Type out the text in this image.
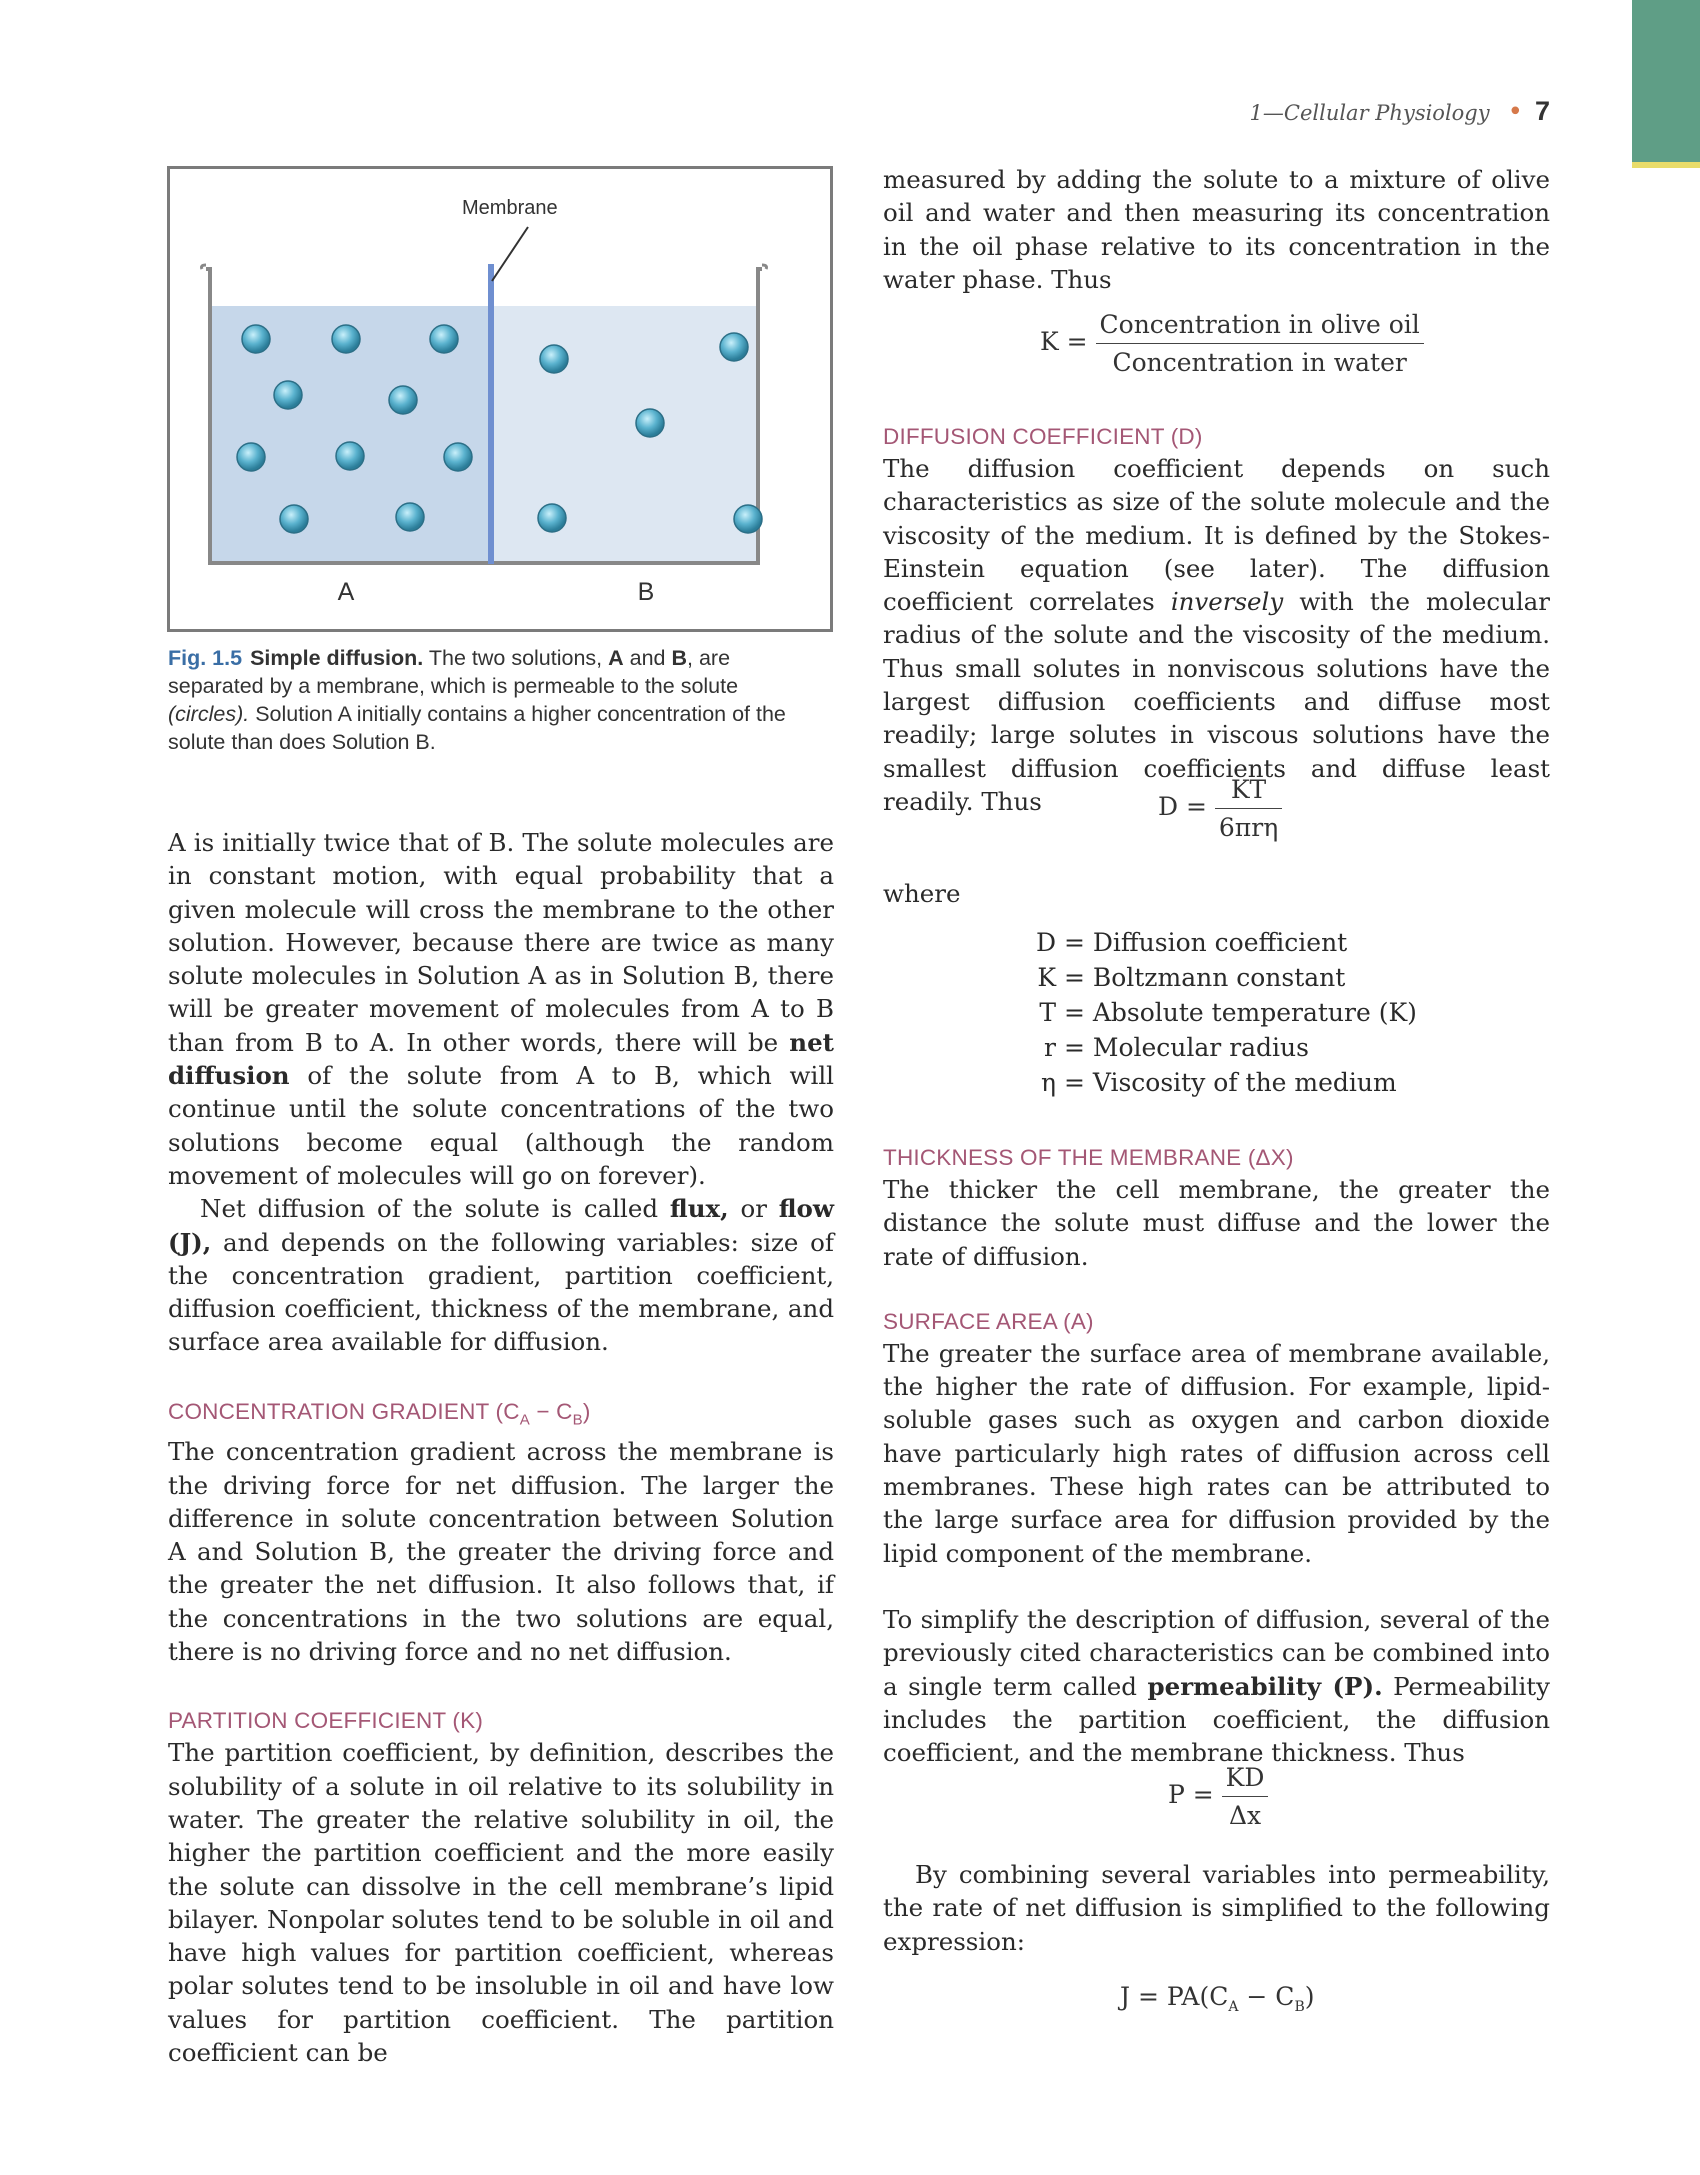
1—Cellular Physiology • 7
Membrane
A	B
Fig. 1.5 Simple diffusion. The two solutions, A and B, are separated by a membrane, which is permeable to the solute (circles). Solution A initially contains a higher concentration of the solute than does Solution B.

A is initially twice that of B. The solute molecules are in constant motion, with equal probability that a given molecule will cross the membrane to the other solution. However, because there are twice as many solute molecules in Solution A as in Solution B, there will be greater movement of molecules from A to B than from B to A. In other words, there will be net diffusion of the solute from A to B, which will continue until the solute concentrations of the two solutions become equal (although the random movement of molecules will go on forever).

Net diffusion of the solute is called flux, or flow (J), and depends on the following variables: size of the concentration gradient, partition coefficient, diffusion coefficient, thickness of the membrane, and surface area available for diffusion.

CONCENTRATION GRADIENT $(C_A - C_B)$

The concentration gradient across the membrane is the driving force for net diffusion. The larger the difference in solute concentration between Solution A and Solution B, the greater the driving force and the greater the net diffusion. It also follows that, if the concentrations in the two solutions are equal, there is no driving force and no net diffusion.

PARTITION COEFFICIENT (K)

The partition coefficient, by definition, describes the solubility of a solute in oil relative to its solubility in water. The greater the relative solubility in oil, the higher the partition coefficient and the more easily the solute can dissolve in the cell membrane’s lipid bilayer. Nonpolar solutes tend to be soluble in oil and have high values for partition coefficient, whereas polar solutes tend to be insoluble in oil and have low values for partition coefficient. The partition coefficient can be

measured by adding the solute to a mixture of olive oil and water and then measuring its concentration in the oil phase relative to its concentration in the water phase. Thus

$K = \frac{\text{Concentration in olive oil}}{\text{Concentration in water}}$
DIFFUSION COEFFICIENT (D)

The diffusion coefficient depends on such characteristics as size of the solute molecule and the viscosity of the medium. It is defined by the Stokes-Einstein equation (see later). The diffusion coefficient correlates inversely with the molecular radius of the solute and the viscosity of the medium. Thus small solutes in nonviscous solutions have the largest diffusion coefficients and diffuse most readily; large solutes in viscous solutions have the smallest diffusion coefficients and diffuse least readily. Thus	$D = \frac{KT}{\text{6πrη}}$

where

D = Diffusion coefficient
K = Boltzmann constant
T = Absolute temperature (K)
r = Molecular radius
η = Viscosity of the medium
THICKNESS OF THE MEMBRANE (ΔX)

The thicker the cell membrane, the greater the distance the solute must diffuse and the lower the rate of diffusion.

SURFACE AREA (A)

The greater the surface area of membrane available, the higher the rate of diffusion. For example, lipid-soluble gases such as oxygen and carbon dioxide have particularly high rates of diffusion across cell membranes. These high rates can be attributed to the large surface area for diffusion provided by the lipid component of the membrane.

To simplify the description of diffusion, several of the previously cited characteristics can be combined into a single term called permeability (P). Permeability includes the partition coefficient, the diffusion coefficient, and the membrane thickness. Thus

$P = \frac{KD}{\Delta x}$

By combining several variables into permeability, the rate of net diffusion is simplified to the following expression:

$J = PA(C_A - C_B)$
